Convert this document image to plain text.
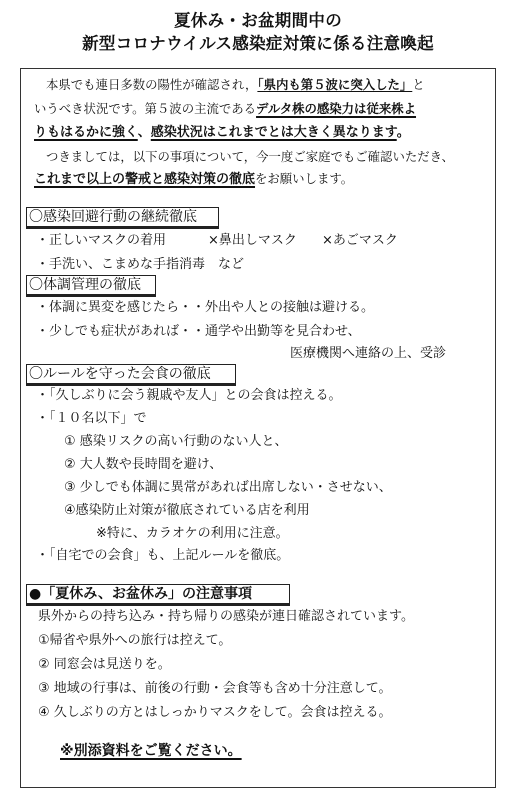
夏休み・お盆期間中の
新型コロナウイルス感染症対策に係る注意喚起
本県でも連日多数の陽性が確認され，「県内も第５波に突入した」と
いうべき状況です。第５波の主流であるデルタ株の感染力は従来株よ
りもはるかに強く、感染状況はこれまでとは大きく異なります。
つきましては，以下の事項について，今一度ご家庭でもご確認いただき、
これまで以上の警戒と感染対策の徹底をお願いします。
〇感染回避行動の継続徹底
・正しいマスクの着用	×鼻出しマスク ×あごマスク
・手洗い、こまめな手指消毒　など
〇体調管理の徹底
・体調に異変を感じたら・・外出や人との接触は避ける。
・少しでも症状があれば・・通学や出勤等を見合わせ、
医療機関へ連絡の上、受診
〇ルールを守った会食の徹底
・「久しぶりに会う親戚や友人」との会食は控える。
・「１０名以下」で
① 感染リスクの高い行動のない人と、
② 大人数や長時間を避け、
③ 少しでも体調に異常があれば出席しない・させない、
④感染防止対策が徹底されている店を利用
※特に、カラオケの利用に注意。
・「自宅での会食」も、上記ルールを徹底。
●「夏休み、お盆休み」の注意事項
県外からの持ち込み・持ち帰りの感染が連日確認されています。
①帰省や県外への旅行は控えて。
② 同窓会は見送りを。
③ 地域の行事は、前後の行動・会食等も含め十分注意して。
④ 久しぶりの方とはしっかりマスクをして。会食は控える。
※別添資料をご覧ください。
